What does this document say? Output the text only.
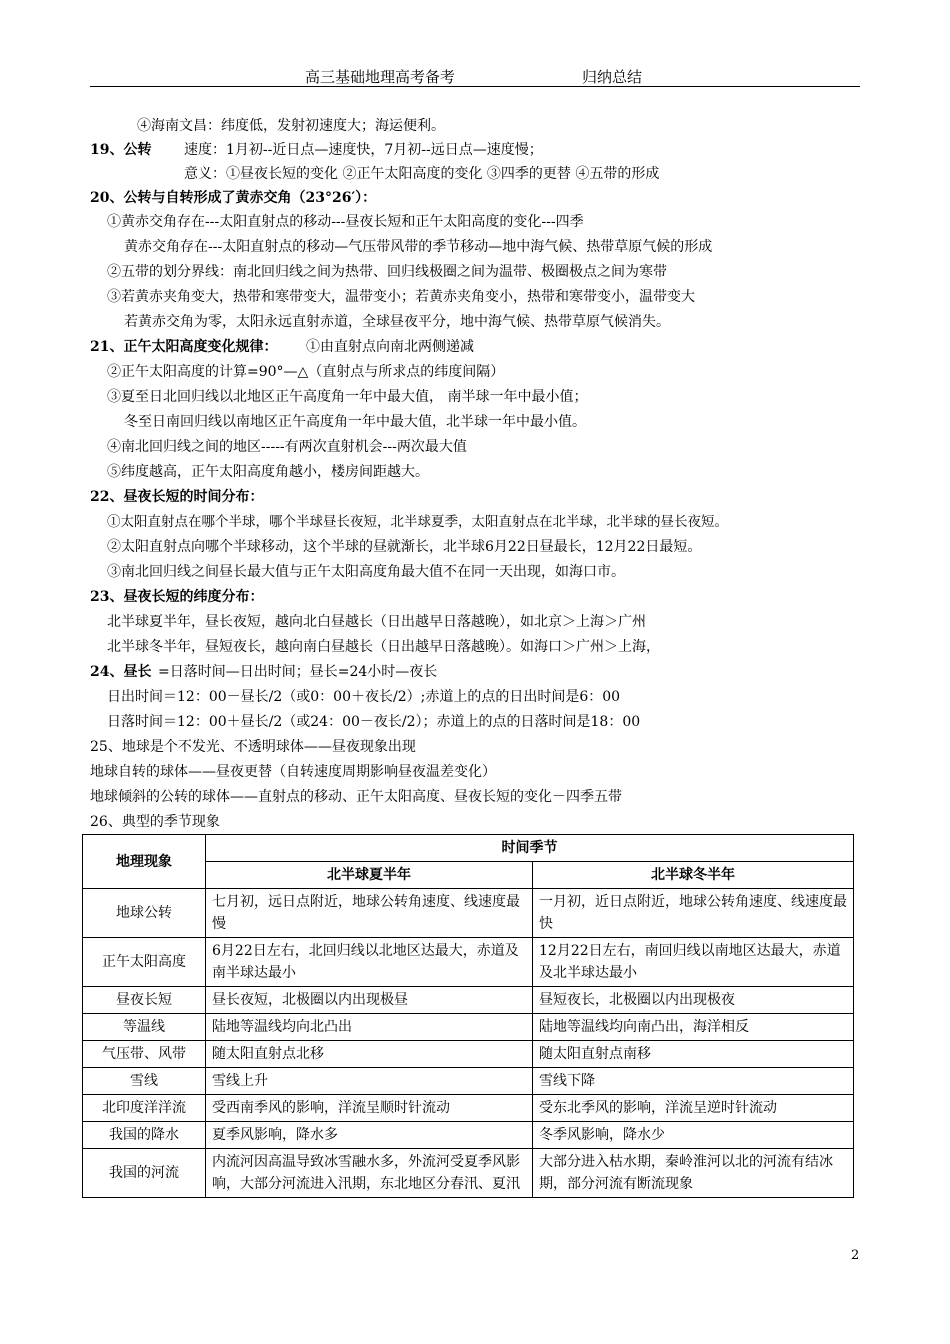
高三基础地理高考备考	归纳总结
④海南文昌：纬度低，发射初速度大；海运便利。
19、公转 速度：1月初--近日点—速度快，7月初--远日点—速度慢；
意义：①昼夜长短的变化 ②正午太阳高度的变化 ③四季的更替 ④五带的形成
20、公转与自转形成了黄赤交角（23°26′）：
①黄赤交角存在---太阳直射点的移动---昼夜长短和正午太阳高度的变化---四季
黄赤交角存在---太阳直射点的移动—气压带风带的季节移动—地中海气候、热带草原气候的形成
②五带的划分界线：南北回归线之间为热带、回归线极圈之间为温带、极圈极点之间为寒带
③若黄赤夹角变大，热带和寒带变大，温带变小；若黄赤夹角变小，热带和寒带变小，温带变大
若黄赤交角为零，太阳永远直射赤道，全球昼夜平分，地中海气候、热带草原气候消失。
21、正午太阳高度变化规律： ①由直射点向南北两侧递减
②正午太阳高度的计算=90°—△（直射点与所求点的纬度间隔）
③夏至日北回归线以北地区正午高度角一年中最大值， 南半球一年中最小值；
冬至日南回归线以南地区正午高度角一年中最大值，北半球一年中最小值。
④南北回归线之间的地区-----有两次直射机会---两次最大值
⑤纬度越高，正午太阳高度角越小，楼房间距越大。
22、昼夜长短的时间分布：
①太阳直射点在哪个半球，哪个半球昼长夜短，北半球夏季，太阳直射点在北半球，北半球的昼长夜短。
②太阳直射点向哪个半球移动，这个半球的昼就渐长，北半球6月22日昼最长，12月22日最短。
③南北回归线之间昼长最大值与正午太阳高度角最大值不在同一天出现，如海口市。
23、昼夜长短的纬度分布：
北半球夏半年，昼长夜短，越向北白昼越长（日出越早日落越晚），如北京＞上海＞广州
北半球冬半年，昼短夜长，越向南白昼越长（日出越早日落越晚）。如海口＞广州＞上海，
24、昼长 =日落时间—日出时间；昼长=24小时—夜长
日出时间＝12：00－昼长/2（或0：00＋夜长/2）;赤道上的点的日出时间是6：00
日落时间＝12：00＋昼长/2（或24：00－夜长/2）；赤道上的点的日落时间是18：00
25、地球是个不发光、不透明球体——昼夜现象出现
地球自转的球体——昼夜更替（自转速度周期影响昼夜温差变化）
地球倾斜的公转的球体——直射点的移动、正午太阳高度、昼夜长短的变化－四季五带
26、典型的季节现象
地理现象	时间季节	
	北半球夏半年	北半球冬半年
地球公转	七月初，远日点附近，地球公转角速度、线速度最慢	一月初，近日点附近，地球公转角速度、线速度最快
正午太阳高度	6月22日左右，北回归线以北地区达最大，赤道及南半球达最小	12月22日左右，南回归线以南地区达最大，赤道及北半球达最小
昼夜长短	昼长夜短，北极圈以内出现极昼	昼短夜长，北极圈以内出现极夜
等温线	陆地等温线均向北凸出	陆地等温线均向南凸出，海洋相反
气压带、风带	随太阳直射点北移	随太阳直射点南移
雪线	雪线上升	雪线下降
北印度洋洋流	受西南季风的影响，洋流呈顺时针流动	受东北季风的影响，洋流呈逆时针流动
我国的降水	夏季风影响，降水多	冬季风影响，降水少
我国的河流	内流河因高温导致冰雪融水多，外流河受夏季风影响，大部分河流进入汛期，东北地区分春汛、夏汛	大部分进入枯水期，秦岭淮河以北的河流有结冰期，部分河流有断流现象
2
